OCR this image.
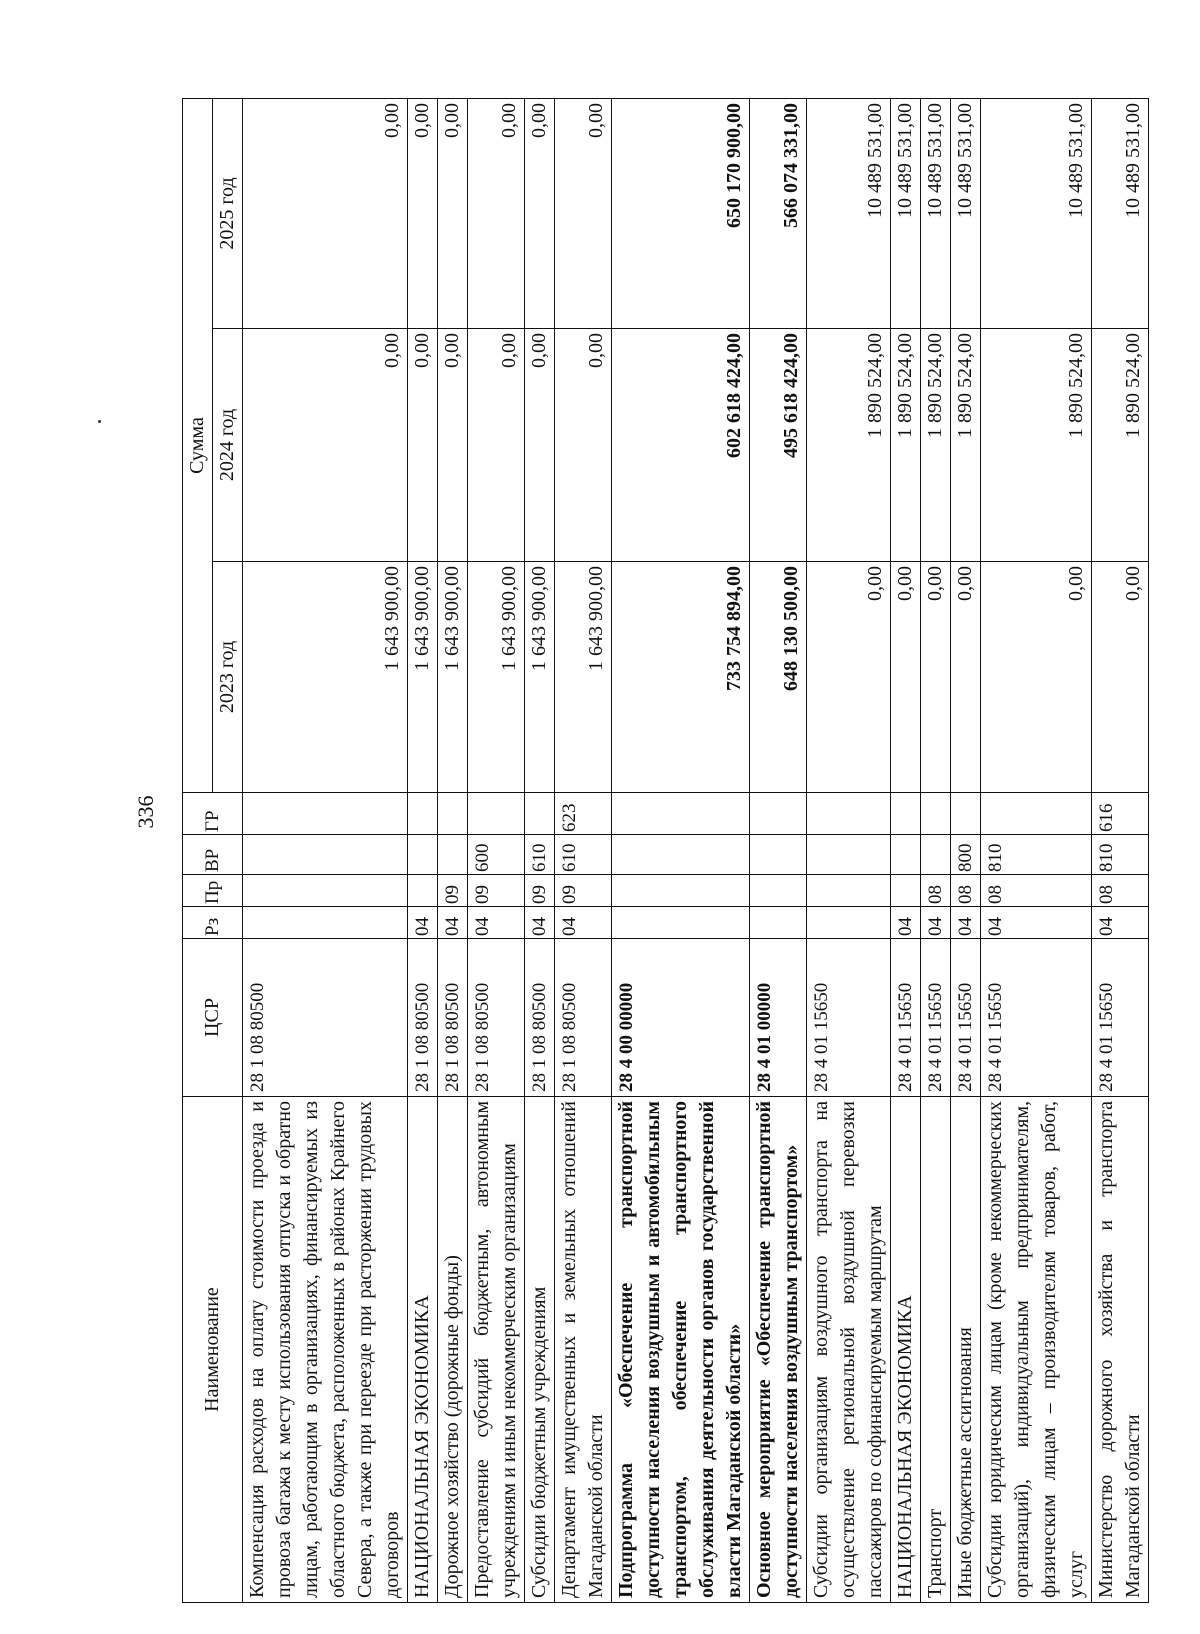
336
Наименование	ЦСР	Рз	Пр	ВР	ГР	Сумма		
						2023 год	2024 год	2025 год
Компенсация расходов на оплату стоимости проезда и провоза багажа к месту использования отпуска и обратно лицам, работающим в организациях, финансируемых из областного бюджета, расположенных в районах Крайнего Севера, а также при переезде при расторжении трудовых договоров	28 1 08 80500					1 643 900,00	0,00	0,00
НАЦИОНАЛЬНАЯ ЭКОНОМИКА	28 1 08 80500	04				1 643 900,00	0,00	0,00
Дорожное хозяйство (дорожные фонды)	28 1 08 80500	04	09			1 643 900,00	0,00	0,00
Предоставление субсидий бюджетным, автономным учреждениям и иным некоммерческим организациям	28 1 08 80500	04	09	600		1 643 900,00	0,00	0,00
Субсидии бюджетным учреждениям	28 1 08 80500	04	09	610		1 643 900,00	0,00	0,00
Департамент имущественных и земельных отношений Магаданской области	28 1 08 80500	04	09	610	623	1 643 900,00	0,00	0,00
Подпрограмма «Обеспечение транспортной доступности населения воздушным и автомобильным транспортом, обеспечение транспортного обслуживания деятельности органов государственной власти Магаданской области»	28 4 00 00000					733 754 894,00	602 618 424,00	650 170 900,00
Основное мероприятие «Обеспечение транспортной доступности населения воздушным транспортом»	28 4 01 00000					648 130 500,00	495 618 424,00	566 074 331,00
Субсидии организациям воздушного транспорта на осуществление региональной воздушной перевозки пассажиров по софинансируемым маршрутам	28 4 01 15650					0,00	1 890 524,00	10 489 531,00
НАЦИОНАЛЬНАЯ ЭКОНОМИКА	28 4 01 15650	04				0,00	1 890 524,00	10 489 531,00
Транспорт	28 4 01 15650	04	08			0,00	1 890 524,00	10 489 531,00
Иные бюджетные ассигнования	28 4 01 15650	04	08	800		0,00	1 890 524,00	10 489 531,00
Субсидии юридическим лицам (кроме некоммерческих организаций), индивидуальным предпринимателям, физическим лицам – производителям товаров, работ, услуг	28 4 01 15650	04	08	810		0,00	1 890 524,00	10 489 531,00
Министерство дорожного хозяйства и транспорта Магаданской области	28 4 01 15650	04	08	810	616	0,00	1 890 524,00	10 489 531,00
